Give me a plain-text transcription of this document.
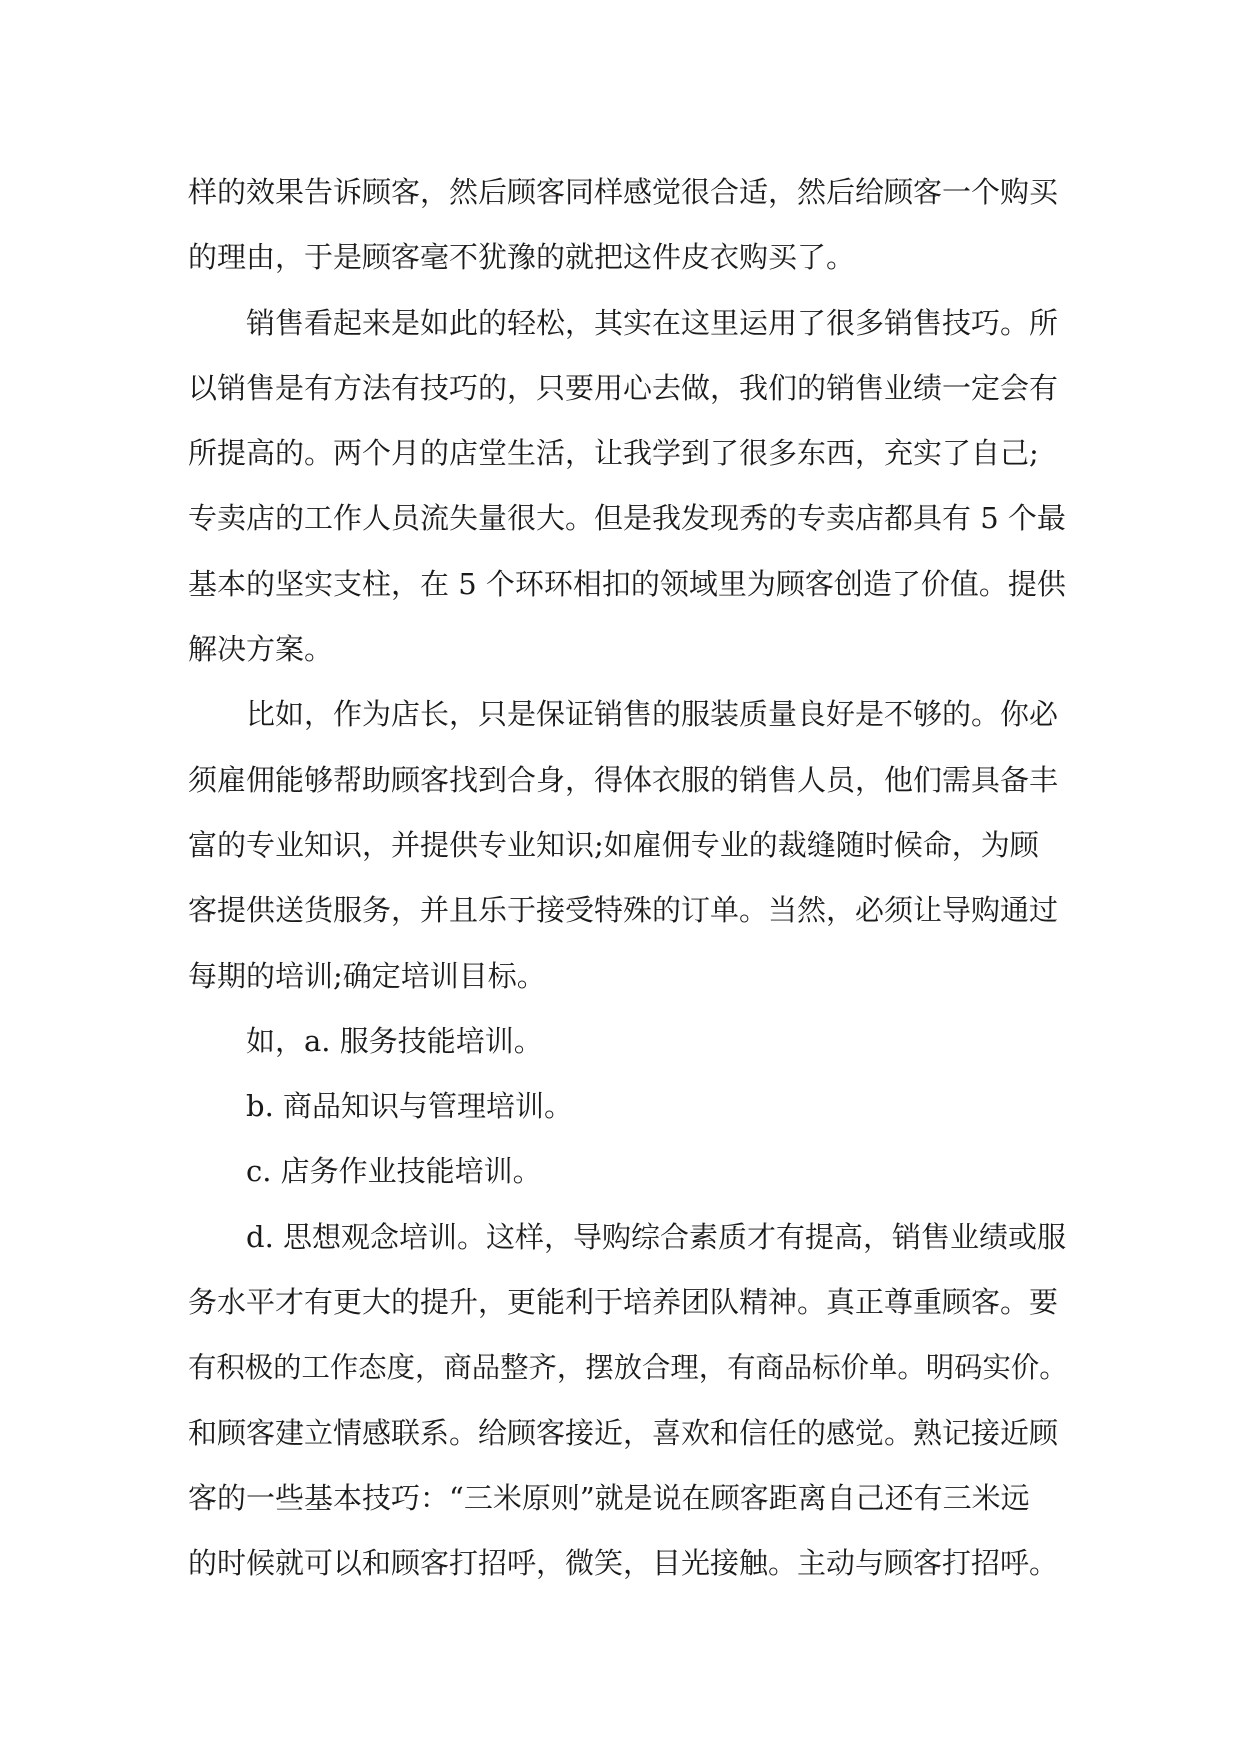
样的效果告诉顾客，然后顾客同样感觉很合适，然后给顾客一个购买
的理由，于是顾客毫不犹豫的就把这件皮衣购买了。
销售看起来是如此的轻松，其实在这里运用了很多销售技巧。所
以销售是有方法有技巧的，只要用心去做，我们的销售业绩一定会有
所提高的。两个月的店堂生活，让我学到了很多东西，充实了自己;
专卖店的工作人员流失量很大。但是我发现秀的专卖店都具有 5 个最
基本的坚实支柱，在 5 个环环相扣的领域里为顾客创造了价值。提供
解决方案。
比如，作为店长，只是保证销售的服装质量良好是不够的。你必
须雇佣能够帮助顾客找到合身，得体衣服的销售人员，他们需具备丰
富的专业知识，并提供专业知识;如雇佣专业的裁缝随时候命，为顾
客提供送货服务，并且乐于接受特殊的订单。当然，必须让导购通过
每期的培训;确定培训目标。
如，a. 服务技能培训。
b. 商品知识与管理培训。
c. 店务作业技能培训。
d. 思想观念培训。这样，导购综合素质才有提高，销售业绩或服
务水平才有更大的提升，更能利于培养团队精神。真正尊重顾客。要
有积极的工作态度，商品整齐，摆放合理，有商品标价单。明码实价。
和顾客建立情感联系。给顾客接近，喜欢和信任的感觉。熟记接近顾
客的一些基本技巧：“三米原则”就是说在顾客距离自己还有三米远
的时候就可以和顾客打招呼，微笑，目光接触。主动与顾客打招呼。
